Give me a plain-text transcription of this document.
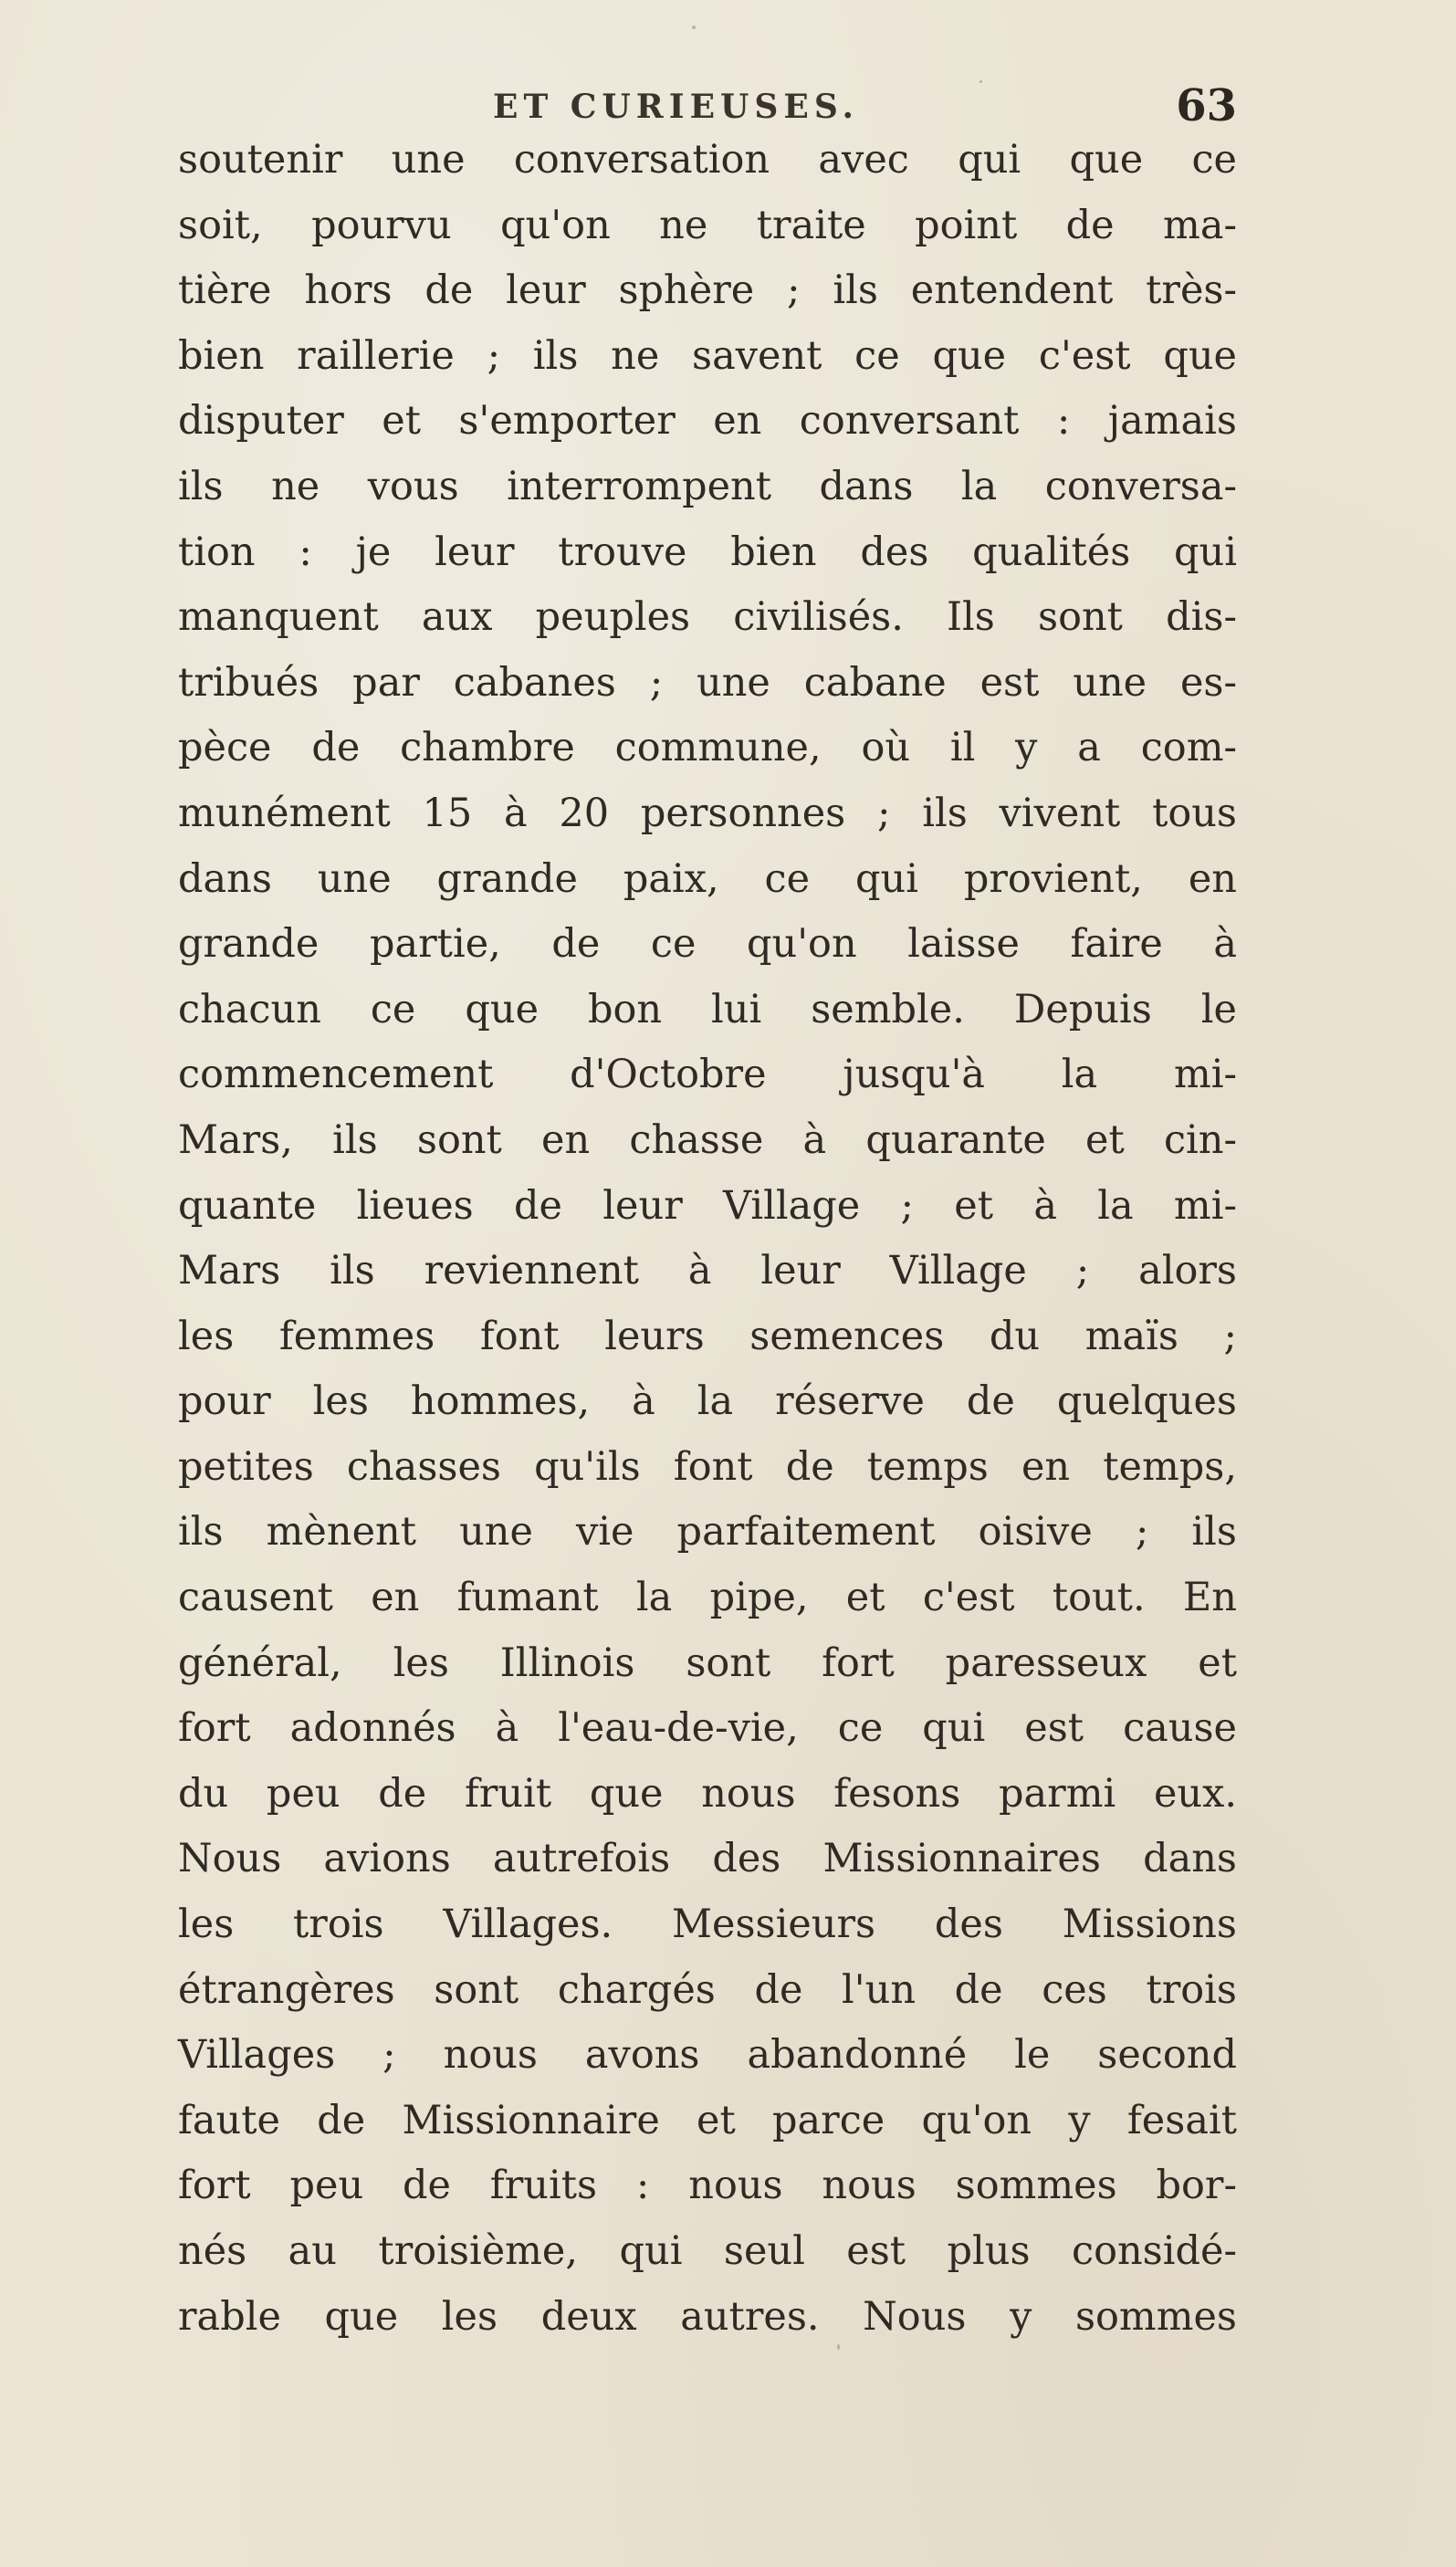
ET CURIEUSES.	63
soutenir une conversation avec qui que ce
soit, pourvu qu'on ne traite point de ma-
tière hors de leur sphère ; ils entendent très-
bien raillerie ; ils ne savent ce que c'est que
disputer et s'emporter en conversant : jamais
ils ne vous interrompent dans la conversa-
tion : je leur trouve bien des qualités qui
manquent aux peuples civilisés. Ils sont dis-
tribués par cabanes ; une cabane est une es-
pèce de chambre commune, où il y a com-
munément 15 à 20 personnes ; ils vivent tous
dans une grande paix, ce qui provient, en
grande partie, de ce qu'on laisse faire à
chacun ce que bon lui semble. Depuis le
commencement d'Octobre jusqu'à la mi-
Mars, ils sont en chasse à quarante et cin-
quante lieues de leur Village ; et à la mi-
Mars ils reviennent à leur Village ; alors
les femmes font leurs semences du maïs ;
pour les hommes, à la réserve de quelques
petites chasses qu'ils font de temps en temps,
ils mènent une vie parfaitement oisive ; ils
causent en fumant la pipe, et c'est tout. En
général, les Illinois sont fort paresseux et
fort adonnés à l'eau-de-vie, ce qui est cause
du peu de fruit que nous fesons parmi eux.
Nous avions autrefois des Missionnaires dans
les trois Villages. Messieurs des Missions
étrangères sont chargés de l'un de ces trois
Villages ; nous avons abandonné le second
faute de Missionnaire et parce qu'on y fesait
fort peu de fruits : nous nous sommes bor-
nés au troisième, qui seul est plus considé-
rable que les deux autres. Nous y sommes
